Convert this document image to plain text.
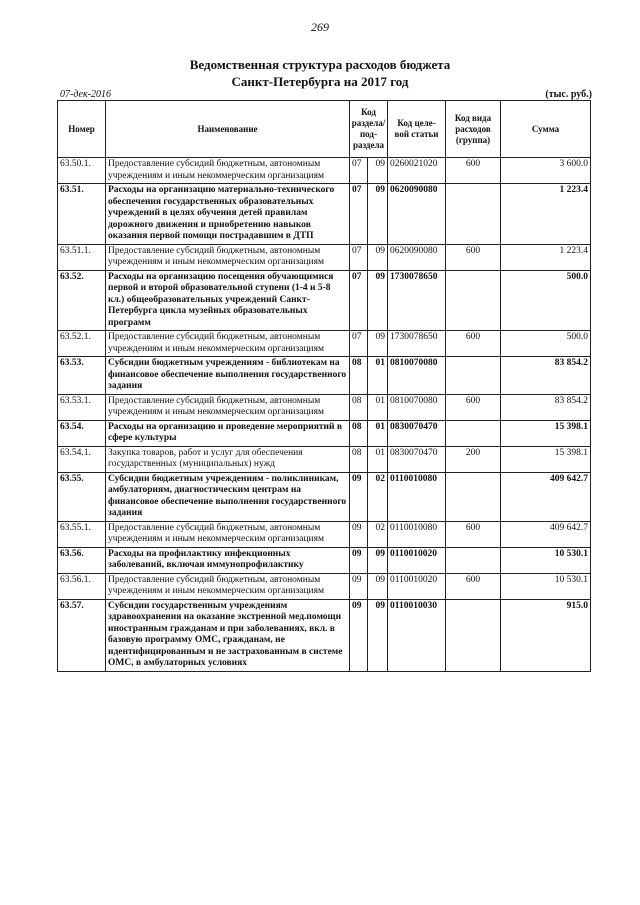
269
Ведомственная структура расходов бюджета
Санкт-Петербурга на 2017 год
07-дек-2016	(тыс. руб.)
Номер	Наименование	Код раздела/ под- раздела		Код целе- вой статьи	Код вида расходов (группа)	Сумма
63.50.1.	Предоставление субсидий бюджетным, автономным учреждениям и иным некоммерческим организациям	07	09	0260021020	600	3 600.0
63.51.	Расходы на организацию материально-технического обеспечения государственных образовательных учреждений в целях обучения детей правилам дорожного движения и приобретению навыков оказания первой помощи пострадавшим в ДТП	07	09	0620090080		1 223.4
63.51.1.	Предоставление субсидий бюджетным, автономным учреждениям и иным некоммерческим организациям	07	09	0620090080	600	1 223.4
63.52.	Расходы на организацию посещения обучающимися первой и второй образовательной ступени (1-4 и 5-8 кл.) общеобразовательных учреждений Санкт-Петербурга цикла музейных образовательных программ	07	09	1730078650		500.0
63.52.1.	Предоставление субсидий бюджетным, автономным учреждениям и иным некоммерческим организациям	07	09	1730078650	600	500.0
63.53.	Субсидии бюджетным учреждениям - библиотекам на финансовое обеспечение выполнения государственного задания	08	01	0810070080		83 854.2
63.53.1.	Предоставление субсидий бюджетным, автономным учреждениям и иным некоммерческим организациям	08	01	0810070080	600	83 854.2
63.54.	Расходы на организацию и проведение мероприятий в сфере культуры	08	01	0830070470		15 398.1
63.54.1.	Закупка товаров, работ и услуг для обеспечения государственных (муниципальных) нужд	08	01	0830070470	200	15 398.1
63.55.	Субсидии бюджетным учреждениям - поликлиникам, амбулаториям, диагностическим центрам на финансовое обеспечение выполнения государственного задания	09	02	0110010080		409 642.7
63.55.1.	Предоставление субсидий бюджетным, автономным учреждениям и иным некоммерческим организациям	09	02	0110010080	600	409 642.7
63.56.	Расходы на профилактику инфекционных заболеваний, включая иммунопрофилактику	09	09	0110010020		10 530.1
63.56.1.	Предоставление субсидий бюджетным, автономным учреждениям и иным некоммерческим организациям	09	09	0110010020	600	10 530.1
63.57.	Субсидии государственным учреждениям здравоохранения на оказание экстренной мед.помощи иностранным гражданам и при заболеваниях, вкл. в базовую программу ОМС, гражданам, не идентифицированным и не застрахованным в системе ОМС, в амбулаторных условиях	09	09	0110010030		915.0
